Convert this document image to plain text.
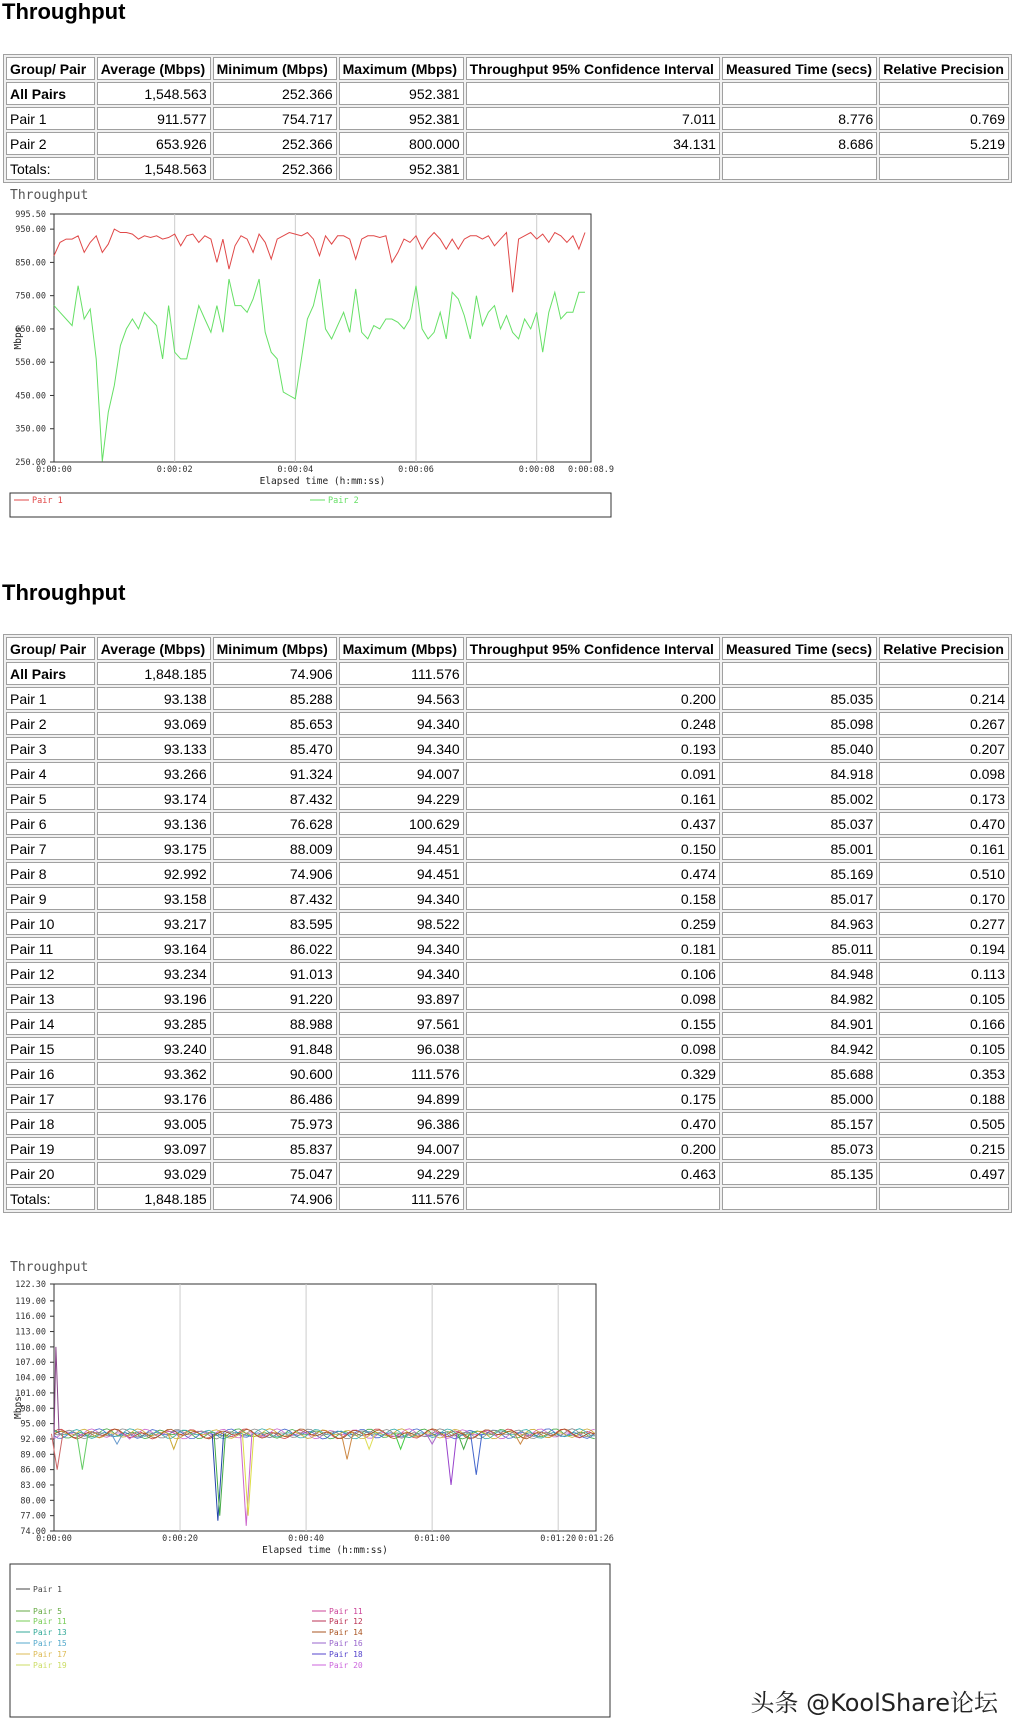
Throughput
Group/ Pair	Average (Mbps)	Minimum (Mbps)	Maximum (Mbps)	Throughput 95% Confidence Interval	Measured Time (secs)	Relative Precision
All Pairs	1,548.563	252.366	952.381			
Pair 1	911.577	754.717	952.381	7.011	8.776	0.769
Pair 2	653.926	252.366	800.000	34.131	8.686	5.219
Totals:	1,548.563	252.366	952.381			
Throughput
0:00:00	0:00:02	0:00:04	0:00:06	0:00:08 0:00:08.9
995.50
950.00
850.00
750.00
650.00
550.00
450.00
350.00
250.00
Elapsed time (h:mm:ss)
Mbps
Pair 1	Pair 2
Throughput
Group/ Pair	Average (Mbps)	Minimum (Mbps)	Maximum (Mbps)	Throughput 95% Confidence Interval	Measured Time (secs)	Relative Precision
All Pairs	1,848.185	74.906	111.576			
Pair 1	93.138	85.288	94.563	0.200	85.035	0.214
Pair 2	93.069	85.653	94.340	0.248	85.098	0.267
Pair 3	93.133	85.470	94.340	0.193	85.040	0.207
Pair 4	93.266	91.324	94.007	0.091	84.918	0.098
Pair 5	93.174	87.432	94.229	0.161	85.002	0.173
Pair 6	93.136	76.628	100.629	0.437	85.037	0.470
Pair 7	93.175	88.009	94.451	0.150	85.001	0.161
Pair 8	92.992	74.906	94.451	0.474	85.169	0.510
Pair 9	93.158	87.432	94.340	0.158	85.017	0.170
Pair 10	93.217	83.595	98.522	0.259	84.963	0.277
Pair 11	93.164	86.022	94.340	0.181	85.011	0.194
Pair 12	93.234	91.013	94.340	0.106	84.948	0.113
Pair 13	93.196	91.220	93.897	0.098	84.982	0.105
Pair 14	93.285	88.988	97.561	0.155	84.901	0.166
Pair 15	93.240	91.848	96.038	0.098	84.942	0.105
Pair 16	93.362	90.600	111.576	0.329	85.688	0.353
Pair 17	93.176	86.486	94.899	0.175	85.000	0.188
Pair 18	93.005	75.973	96.386	0.470	85.157	0.505
Pair 19	93.097	85.837	94.007	0.200	85.073	0.215
Pair 20	93.029	75.047	94.229	0.463	85.135	0.497
Totals:	1,848.185	74.906	111.576			
Throughput
0:00:00	0:00:20	0:00:40	0:01:00	0:01:20 0:01:26
122.30
119.00
116.00
113.00
110.00
107.00
104.00
101.00
98.00
95.00
92.00
89.00
86.00
83.00
80.00
77.00
74.00
Elapsed time (h:mm:ss)
Mbps
Pair 1
Pair 5
Pair 11
Pair 13
Pair 15
Pair 17
Pair 19
Pair 11
Pair 12
Pair 14
Pair 16
Pair 18
Pair 20
头条 @KoolShare论坛
